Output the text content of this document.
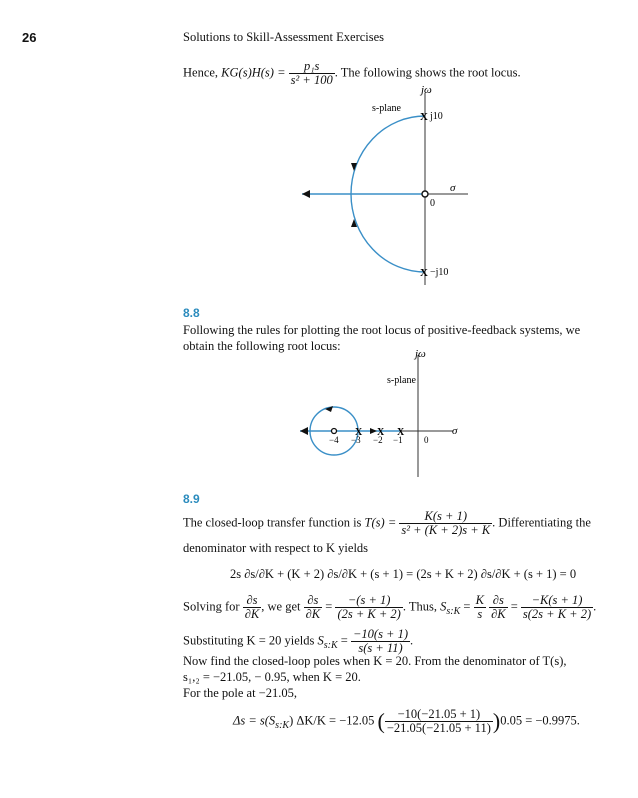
26	Solutions to Skill-Assessment Exercises
Hence, $KG(s)H(s) = \frac{\text{p₁s}}{\text{s² + 100}}$ . The following shows the root locus.
X
X
jω
s-plane
j10
σ
0
−j10
8.8
Following the rules for plotting the root locus of positive-feedback systems, we
obtain the following root locus:
X X X
jω
s-plane
σ
−4 −3 −2 −1 0
8.9
The closed-loop transfer function is $T(s) = \frac{K(s + 1)}{\text{s² + (K + 2)s + K}}$ . Differentiating the
denominator with respect to K yields
2s ∂s/∂K + (K + 2) ∂s/∂K + (s + 1) = (2s + K + 2) ∂s/∂K + (s + 1) = 0
Solving for $\frac{\partial s}{\partial K}$ , we get $\frac{\partial s}{\partial K} = \frac{-(s + 1)}{(2s + K + 2)}$ . Thus, $S_{s:K} = \frac{K}{s}$
$\frac{\partial s}{\partial K} = \frac{-K(s + 1)}{s(2s + K + 2)}$ .
Substituting K = 20 yields $S_{s:K} = \frac{-10(s + 1)}{s(s + 11)}$ .
Now find the closed-loop poles when K = 20. From the denominator of T(s),
s₁,₂ = −21.05, − 0.95, when K = 20.
For the pole at −21.05,
$\Delta s = s(S_{s:K}) \Delta K/K = -12.05$ ( $\frac{-10(-21.05 + 1)}{-21.05(-21.05 + 11)} )0.05 = -0.9975$.
